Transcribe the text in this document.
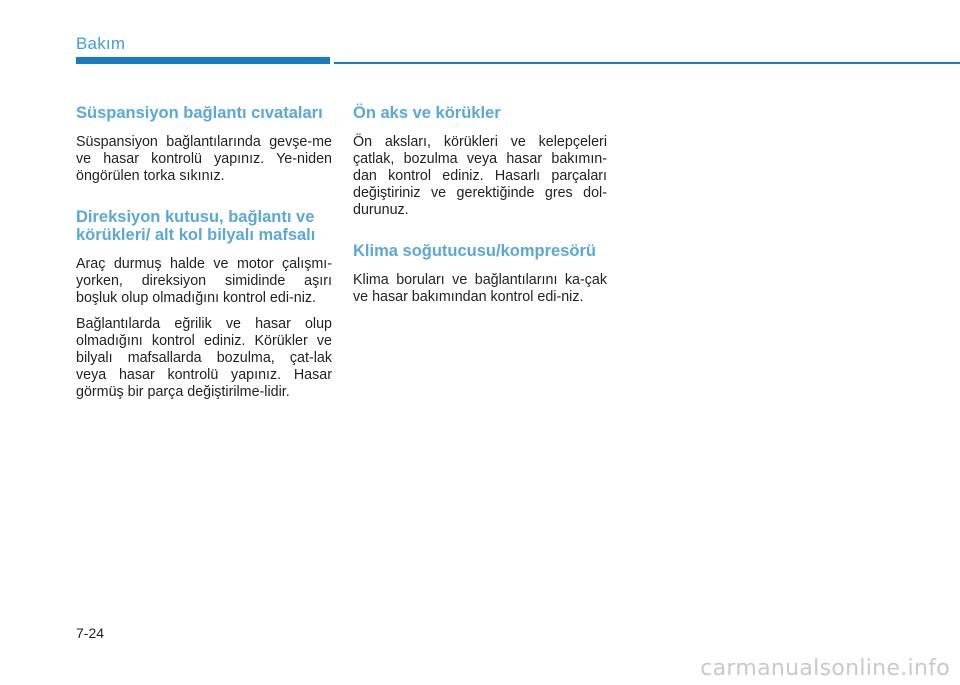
Bakım
Süspansiyon bağlantı cıvataları
Süspansiyon bağlantılarında gevşe-me ve hasar kontrolü yapınız. Ye-niden öngörülen torka sıkınız.
Direksiyon kutusu, bağlantı ve körükleri/ alt kol bilyalı mafsalı
Araç durmuş halde ve motor çalışmı-yorken, direksiyon simidinde aşırı boşluk olup olmadığını kontrol edi-niz.
Bağlantılarda eğrilik ve hasar olup olmadığını kontrol ediniz. Körükler ve bilyalı mafsallarda bozulma, çat-lak veya hasar kontrolü yapınız. Hasar görmüş bir parça değiştirilme-lidir.
Ön aks ve körükler
Ön aksları, körükleri ve kelepçeleri çatlak, bozulma veya hasar bakımın-dan kontrol ediniz. Hasarlı parçaları değiştiriniz ve gerektiğinde gres dol-durunuz.
Klima soğutucusu/kompresörü
Klima boruları ve bağlantılarını ka-çak ve hasar bakımından kontrol edi-niz.
7-24
carmanualsonline.info
